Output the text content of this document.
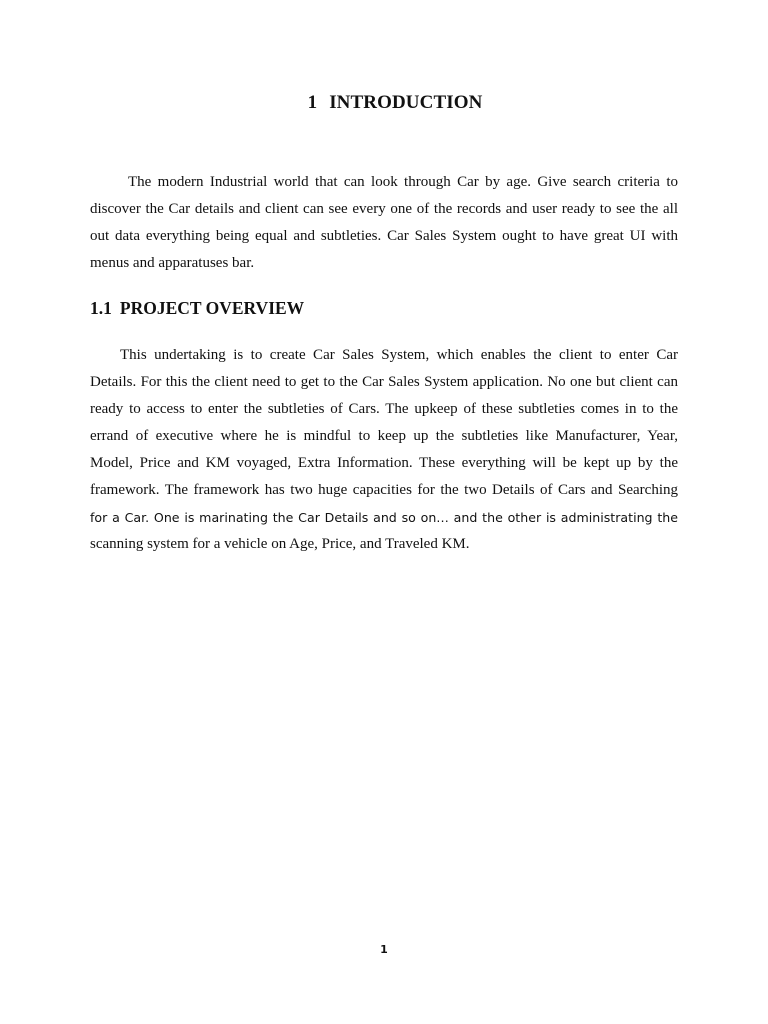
1 INTRODUCTION

The modern Industrial world that can look through Car by age. Give search criteria to
discover the Car details and client can see every one of the records and user ready to see the all
out data everything being equal and subtleties. Car Sales System ought to have great UI with
menus and apparatuses bar.

1.1 PROJECT OVERVIEW

This undertaking is to create Car Sales System, which enables the client to enter Car
Details. For this the client need to get to the Car Sales System application. No one but client can
ready to access to enter the subtleties of Cars. The upkeep of these subtleties comes in to the
errand of executive where he is mindful to keep up the subtleties like Manufacturer, Year,
Model, Price and KM voyaged, Extra Information. These everything will be kept up by the
framework. The framework has two huge capacities for the two Details of Cars and Searching
for a Car. One is marinating the Car Details and so on… and the other is administrating the
scanning system for a vehicle on Age, Price, and Traveled KM.

1
